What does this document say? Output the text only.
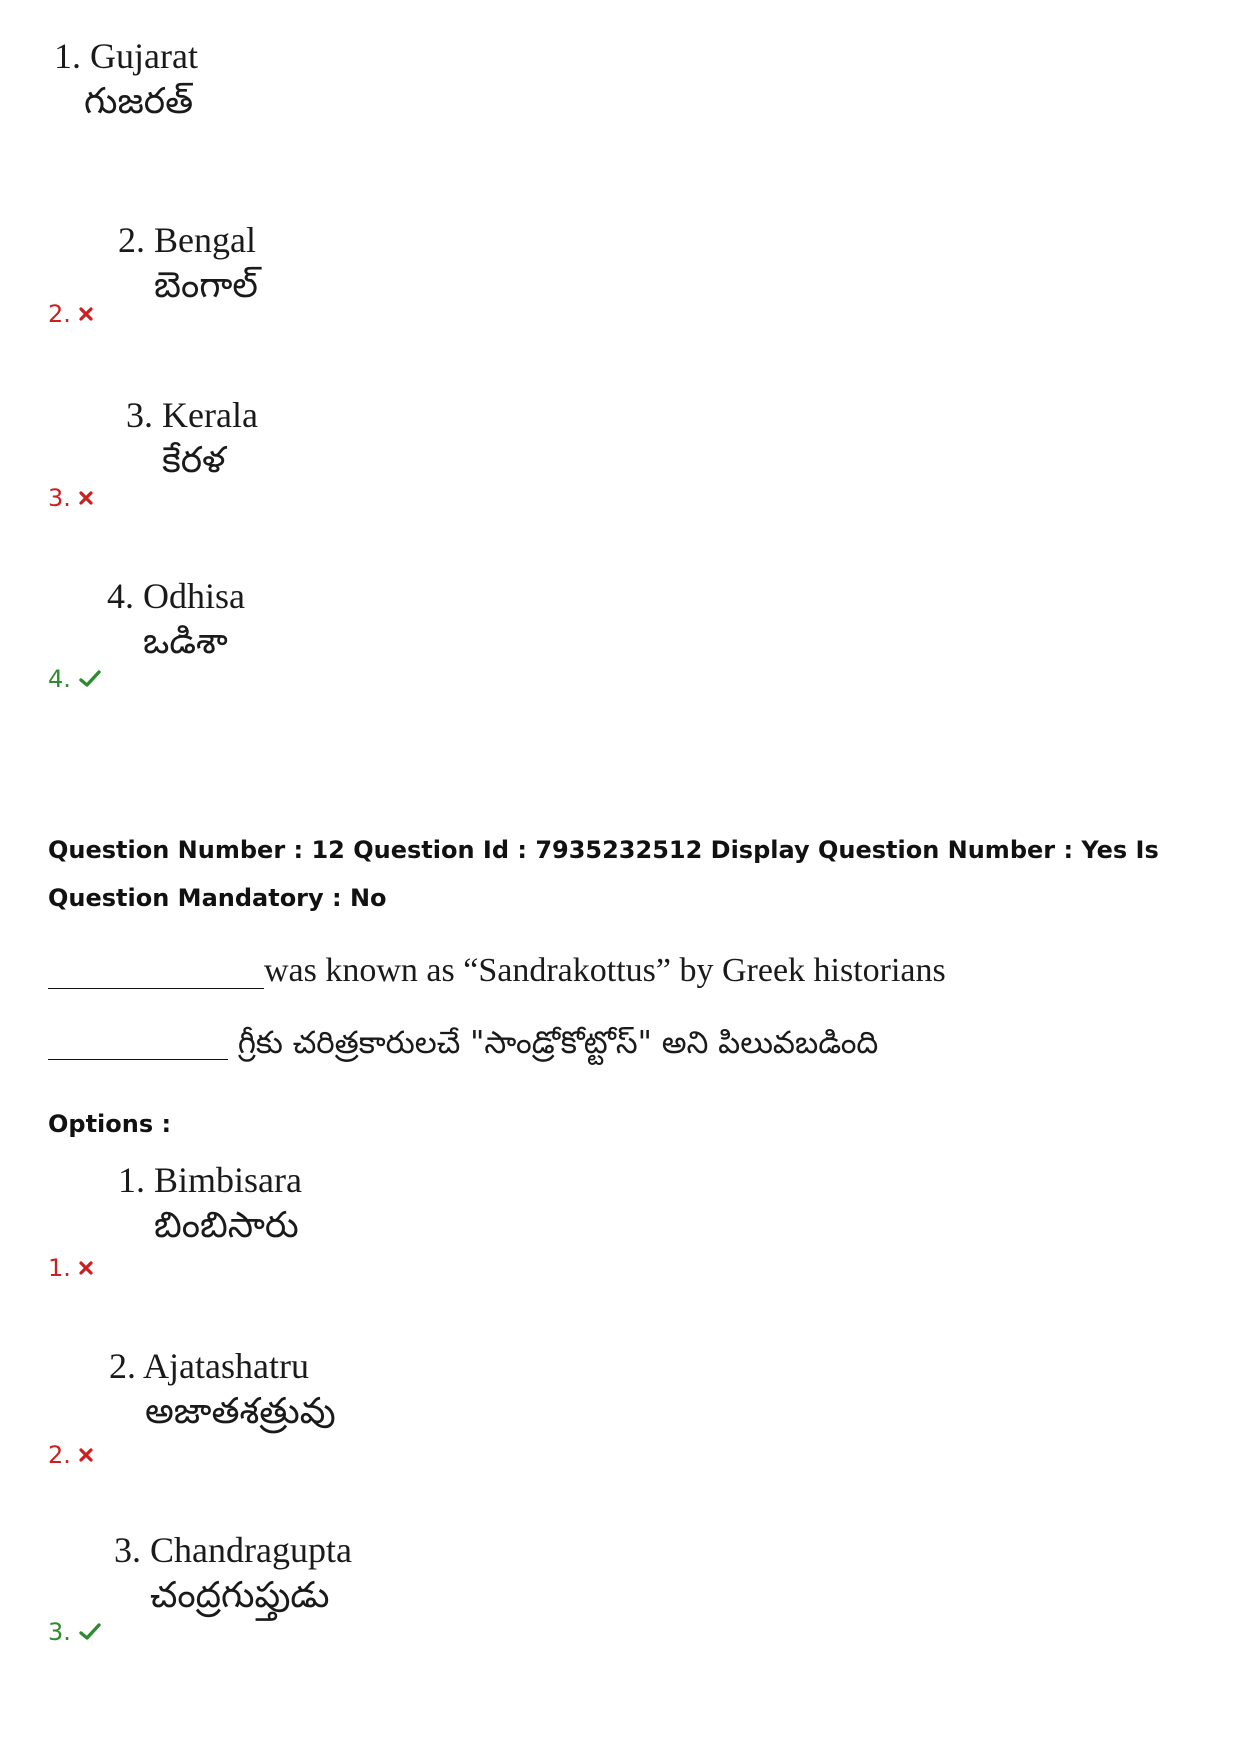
1. Gujarat
గుజరత్
2. Bengal
బెంగాల్
2.
3. Kerala
కేరళ
3.
4. Odhisa
ఒడిశా
4.
Question Number : 12 Question Id : 7935232512 Display Question Number : Yes Is Question Mandatory : No
was known as “Sandrakottus” by Greek historians
గ్రీకు చరిత్రకారులచే "సాండ్రోకోట్టోస్" అని పిలువబడింది
Options :
1. Bimbisara
బింబిసారు
1.
2. Ajatashatru
అజాతశత్రువు
2.
3. Chandragupta
చంద్రగుప్తుడు
3.
